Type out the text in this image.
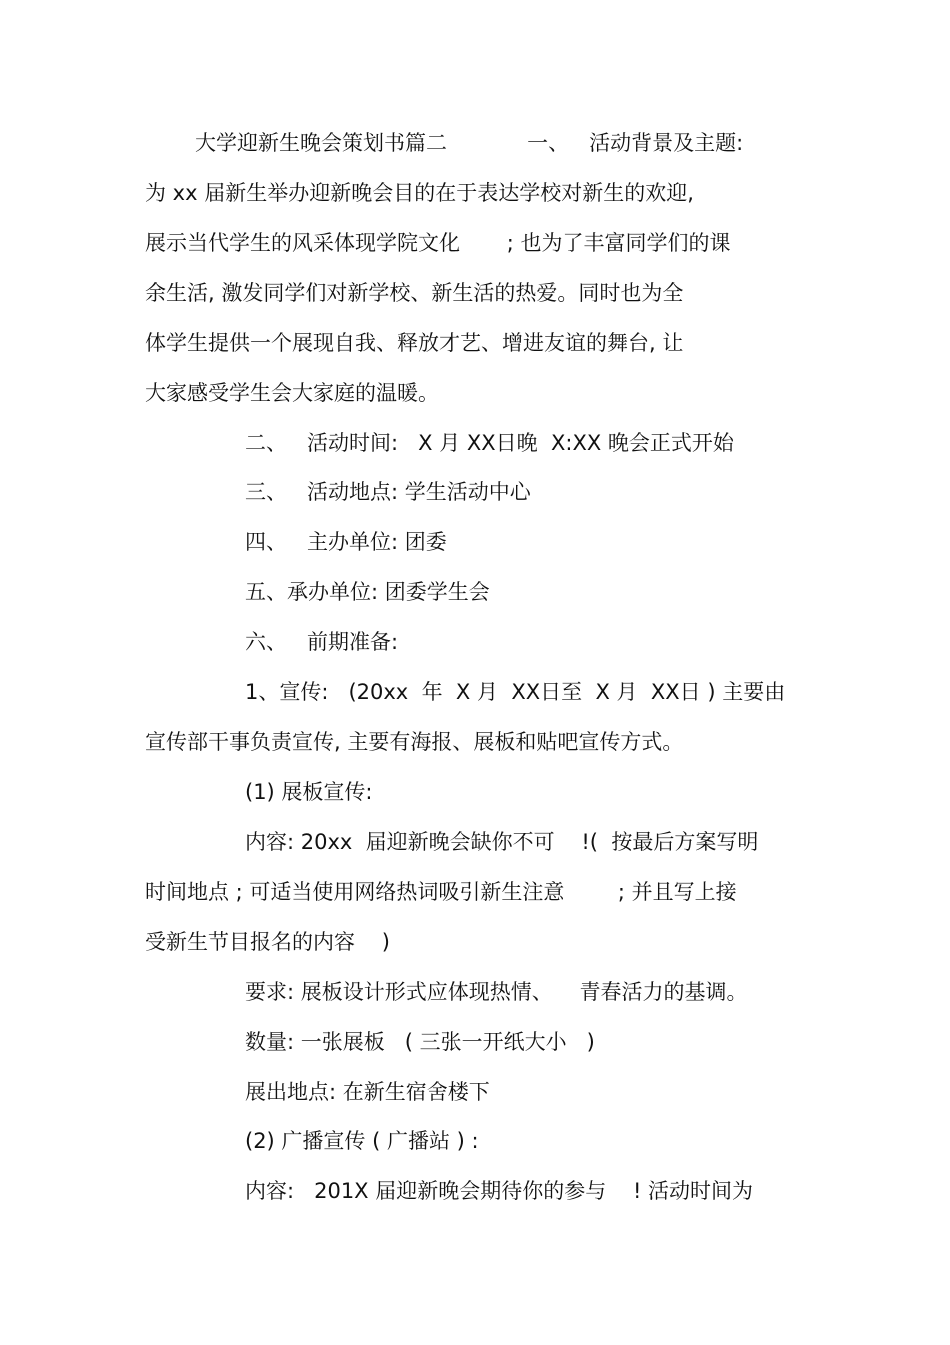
大学迎新生晚会策划书篇二            一、   活动背景及主题:
为 xx 届新生举办迎新晚会目的在于表达学校对新生的欢迎,
展示当代学生的风采体现学院文化       ; 也为了丰富同学们的课
余生活, 激发同学们对新学校、新生活的热爱。同时也为全
体学生提供一个展现自我、释放才艺、增进友谊的舞台, 让
大家感受学生会大家庭的温暖。
二、   活动时间:   X 月 XX日晚  X:XX 晚会正式开始
三、   活动地点: 学生活动中心
四、   主办单位: 团委
五、承办单位: 团委学生会
六、   前期准备:
1、宣传:   (20xx  年  X 月  XX日至  X 月  XX日 ) 主要由
宣传部干事负责宣传, 主要有海报、展板和贴吧宣传方式。
(1) 展板宣传:
内容: 20xx  届迎新晚会缺你不可    !(  按最后方案写明
时间地点 ; 可适当使用网络热词吸引新生注意        ; 并且写上接
受新生节目报名的内容    )
要求: 展板设计形式应体现热情、    青春活力的基调。
数量: 一张展板   ( 三张一开纸大小   )
展出地点: 在新生宿舍楼下
(2) 广播宣传 ( 广播站 ) :
内容:   201X 届迎新晚会期待你的参与    ! 活动时间为
